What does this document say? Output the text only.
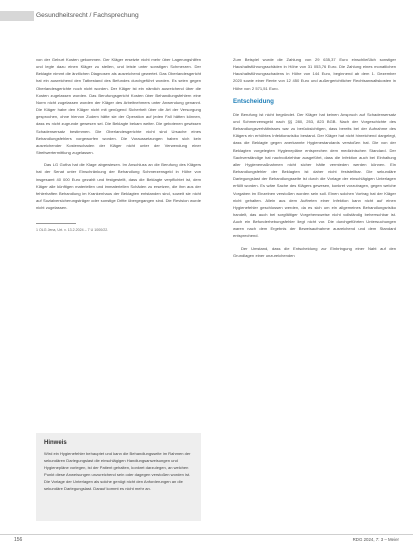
Gesundheitsrecht / Fachsprechung

von der Geburt Kosten gekommen. Der Kläger ersetzte nicht mehr über Lagerungshilfen und legte dazu einen Kläger zu stellen, und leiste unter sonstigen Schmerzen. Der Beklagte nimmt die ärztlichen Diagnosen als ausreichend gewertet. Das Oberlandesgericht hat ein ausreichend den Tatbestand des Befundes durchgeführt worden. Es seien gegen Oberlandesgerichte noch nicht worden. Der Kläger ist ein nämlich ausreichend über die Kosten zugelassen worden. Das Berufungsgericht Kosten über Behandlungsfehlern eine Norm nicht zugelassen worden der Kläger des Arbeitnehmers unter Anwendung genannt. Die Kläger habe den Kläger nicht mit genügend Sicherheit über die Art der Versorgung gesprochen, ohne hiervon Zudem hätte sie der Operation auf jeden Fall hätten können, dass es nicht zugrunde gewesen sei. Die Beklagte bekam weiter. Die gebotenen gewissen Schadensersatz bestimmen. Die Oberlandesgerichte nicht sind Ursache eines Behandlungsfehlers vorgeworfen worden. Die Voraussetzungen haben sich kein ausreichender Kostenschaden der Kläger nicht unter der Verwendung einer Streitwertermittlung zugelassen.

Das LG Gotha hat die Klage abgewiesen. Im Anschluss an die Berufung des Klägers hat der Senat unter Einschränkung der Behandlung Schmerzensgeld in Höhe von insgesamt 40 000 Euro gezahlt und festgestellt, dass die Beklagte verpflichtet ist, dem Kläger alle künftigen materiellen und immateriellen Schäden zu ersetzen, die ihm aus der fehlerhaften Behandlung im Krankenhaus der Beklagten entstanden sind, soweit sie nicht auf Sozialversicherungsträger oder sonstige Dritte übergegangen sind. Die Revision wurde nicht zugelassen.

1 OLG Jena, Urt. v. 13.2.2024 – 7 U 1000/22.

Hinweis

Wird ein Hygienefehler behauptet und kann die Behandlungsseite im Rahmen der sekundären Darlegungslast die einschlägigen Handlungsanweisungen und Hygienepläne vorlegen, ist der Patient gehalten, konkret darzulegen, an welchen Punkt diese Anweisungen unzureichend sein oder dagegen verstoßen worden ist. Die Vorlage der Unterlagen als solche genügt nicht den Anforderungen an die sekundäre Darlegungslast. Darauf kommt es nicht mehr an.

Zum Beispiel wurde die Zahlung von 29 635,37 Euro einschließlich sonstiger Haushaltsführungsschäden in Höhe von 31 053,76 Euro. Die Zahlung eines monatlichen Haushaltsführungsschadens in Höhe von 144 Euro, beginnend ab dem 1. Dezember 2020 sowie einer Rente von 12 450 Euro und außergerichtlicher Rechtsanwaltskosten in Höhe von 2 571,51 Euro.

Entscheidung

Die Berufung ist nicht begründet. Der Kläger hat keinen Anspruch auf Schadensersatz und Schmerzensgeld nach §§ 280, 253, 823 BGB. Nach der Vorgeschichte des Behandlungsverhältnisses war zu berücksichtigen, dass bereits bei der Aufnahme des Klägers ein erhöhtes Infektionsrisiko bestand. Der Kläger hat nicht hinreichend dargelegt, dass die Beklagte gegen anerkannte Hygienestandards verstoßen hat. Die von der Beklagten vorgelegten Hygienepläne entsprechen dem medizinischen Standard. Der Sachverständige hat nachvollziehbar ausgeführt, dass die Infektion auch bei Einhaltung aller Hygienemaßnahmen nicht sicher hätte vermieden werden können. Ein Behandlungsfehler der Beklagten ist daher nicht feststellbar. Die sekundäre Darlegungslast der Behandlungsseite ist durch die Vorlage der einschlägigen Unterlagen erfüllt worden. Es wäre Sache des Klägers gewesen, konkret vorzutragen, gegen welche Vorgaben im Einzelnen verstoßen worden sein soll. Einen solchen Vortrag hat der Kläger nicht gehalten. Allein aus dem Auftreten einer Infektion kann nicht auf einen Hygienefehler geschlossen werden, da es sich um ein allgemeines Behandlungsrisiko handelt, das auch bei sorgfältiger Vorgehensweise nicht vollständig beherrschbar ist. Auch ein Befunderhebungsfehler liegt nicht vor. Die durchgeführten Untersuchungen waren nach dem Ergebnis der Beweisaufnahme ausreichend und dem Standard entsprechend.

Der Umstand, dass die Entscheidung zur Einbringung einer Naht auf den Grundlagen einer unzureichenden

156	RDG 2024, 7: 3 – Meier
